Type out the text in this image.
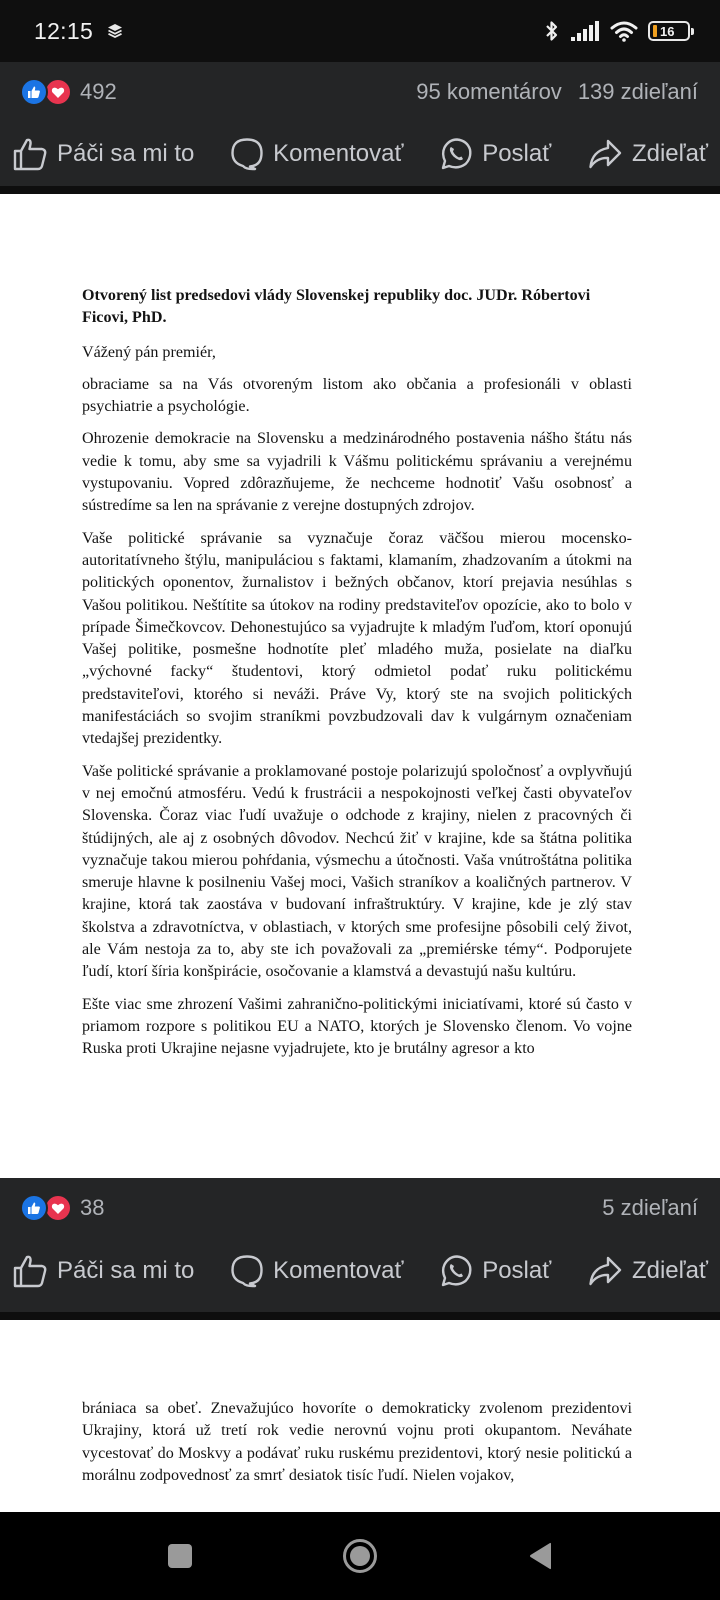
12:15	16
492	95 komentárov 139 zdieľaní
Páči sa mi to	Komentovať	Poslať	Zdieľať

Otvorený list predsedovi vlády Slovenskej republiky doc. JUDr. Róbertovi Ficovi, PhD.

Vážený pán premiér,

obraciame sa na Vás otvoreným listom ako občania a profesionáli v oblasti psychiatrie a psychológie.

Ohrozenie demokracie na Slovensku a medzinárodného postavenia nášho štátu nás vedie k tomu, aby sme sa vyjadrili k Vášmu politickému správaniu a verejnému vystupovaniu. Vopred zdôrazňujeme, že nechceme hodnotiť Vašu osobnosť a sústredíme sa len na správanie z verejne dostupných zdrojov.

Vaše politické správanie sa vyznačuje čoraz väčšou mierou mocensko-autoritatívneho štýlu, manipuláciou s faktami, klamaním, zhadzovaním a útokmi na politických oponentov, žurnalistov i bežných občanov, ktorí prejavia nesúhlas s Vašou politikou. Neštítite sa útokov na rodiny predstaviteľov opozície, ako to bolo v prípade Šimečkovcov. Dehonestujúco sa vyjadrujte k mladým ľuďom, ktorí oponujú Vašej politike, posmešne hodnotíte pleť mladého muža, posielate na diaľku „výchovné facky“ študentovi, ktorý odmietol podať ruku politickému predstaviteľovi, ktorého si neváži. Práve Vy, ktorý ste na svojich politických manifestáciách so svojim straníkmi povzbudzovali dav k vulgárnym označeniam vtedajšej prezidentky.

Vaše politické správanie a proklamované postoje polarizujú spoločnosť a ovplyvňujú v nej emočnú atmosféru. Vedú k frustrácii a nespokojnosti veľkej časti obyvateľov Slovenska. Čoraz viac ľudí uvažuje o odchode z krajiny, nielen z pracovných či štúdijných, ale aj z osobných dôvodov. Nechcú žiť v krajine, kde sa štátna politika vyznačuje takou mierou pohŕdania, výsmechu a útočnosti. Vaša vnútroštátna politika smeruje hlavne k posilneniu Vašej moci, Vašich straníkov a koaličných partnerov. V krajine, ktorá tak zaostáva v budovaní infraštruktúry. V krajine, kde je zlý stav školstva a zdravotníctva, v oblastiach, v ktorých sme profesijne pôsobili celý život, ale Vám nestoja za to, aby ste ich považovali za „premiérske témy“. Podporujete ľudí, ktorí šíria konšpirácie, osočovanie a klamstvá a devastujú našu kultúru.

Ešte viac sme zhrození Vašimi zahranično-politickými iniciatívami, ktoré sú často v priamom rozpore s politikou EU a NATO, ktorých je Slovensko členom. Vo vojne Ruska proti Ukrajine nejasne vyjadrujete, kto je brutálny agresor a kto

38	5 zdieľaní
Páči sa mi to	Komentovať	Poslať	Zdieľať

brániaca sa obeť. Znevažujúco hovoríte o demokraticky zvolenom prezidentovi Ukrajiny, ktorá už tretí rok vedie nerovnú vojnu proti okupantom. Neváhate vycestovať do Moskvy a podávať ruku ruskému prezidentovi, ktorý nesie politickú a morálnu zodpovednosť za smrť desiatok tisíc ľudí. Nielen vojakov,
